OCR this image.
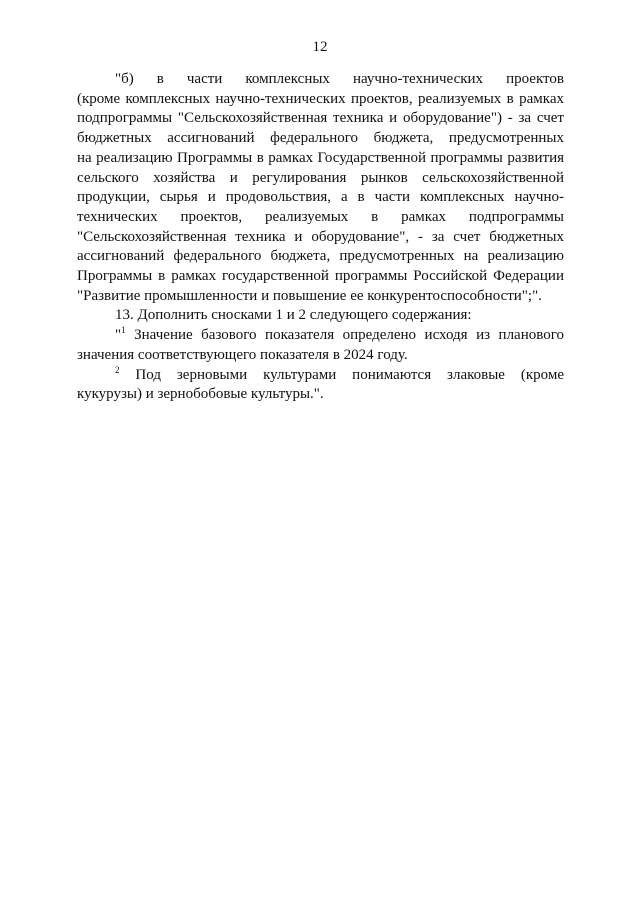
12

"б) в части комплексных научно-технических проектов
(кроме комплексных научно-технических проектов, реализуемых в рамках
подпрограммы "Сельскохозяйственная техника и оборудование") - за счет
бюджетных ассигнований федерального бюджета, предусмотренных
на реализацию Программы в рамках Государственной программы развития
сельского хозяйства и регулирования рынков сельскохозяйственной
продукции, сырья и продовольствия, а в части комплексных научно-
технических проектов, реализуемых в рамках подпрограммы
"Сельскохозяйственная техника и оборудование", - за счет бюджетных
ассигнований федерального бюджета, предусмотренных на реализацию
Программы в рамках государственной программы Российской Федерации
"Развитие промышленности и повышение ее конкурентоспособности";".

13. Дополнить сносками 1 и 2 следующего содержания:

"$^1$ Значение базового показателя определено исходя из планового
значения соответствующего показателя в 2024 году.

$^2$ Под зерновыми культурами понимаются злаковые (кроме
кукурузы) и зернобобовые культуры.".
